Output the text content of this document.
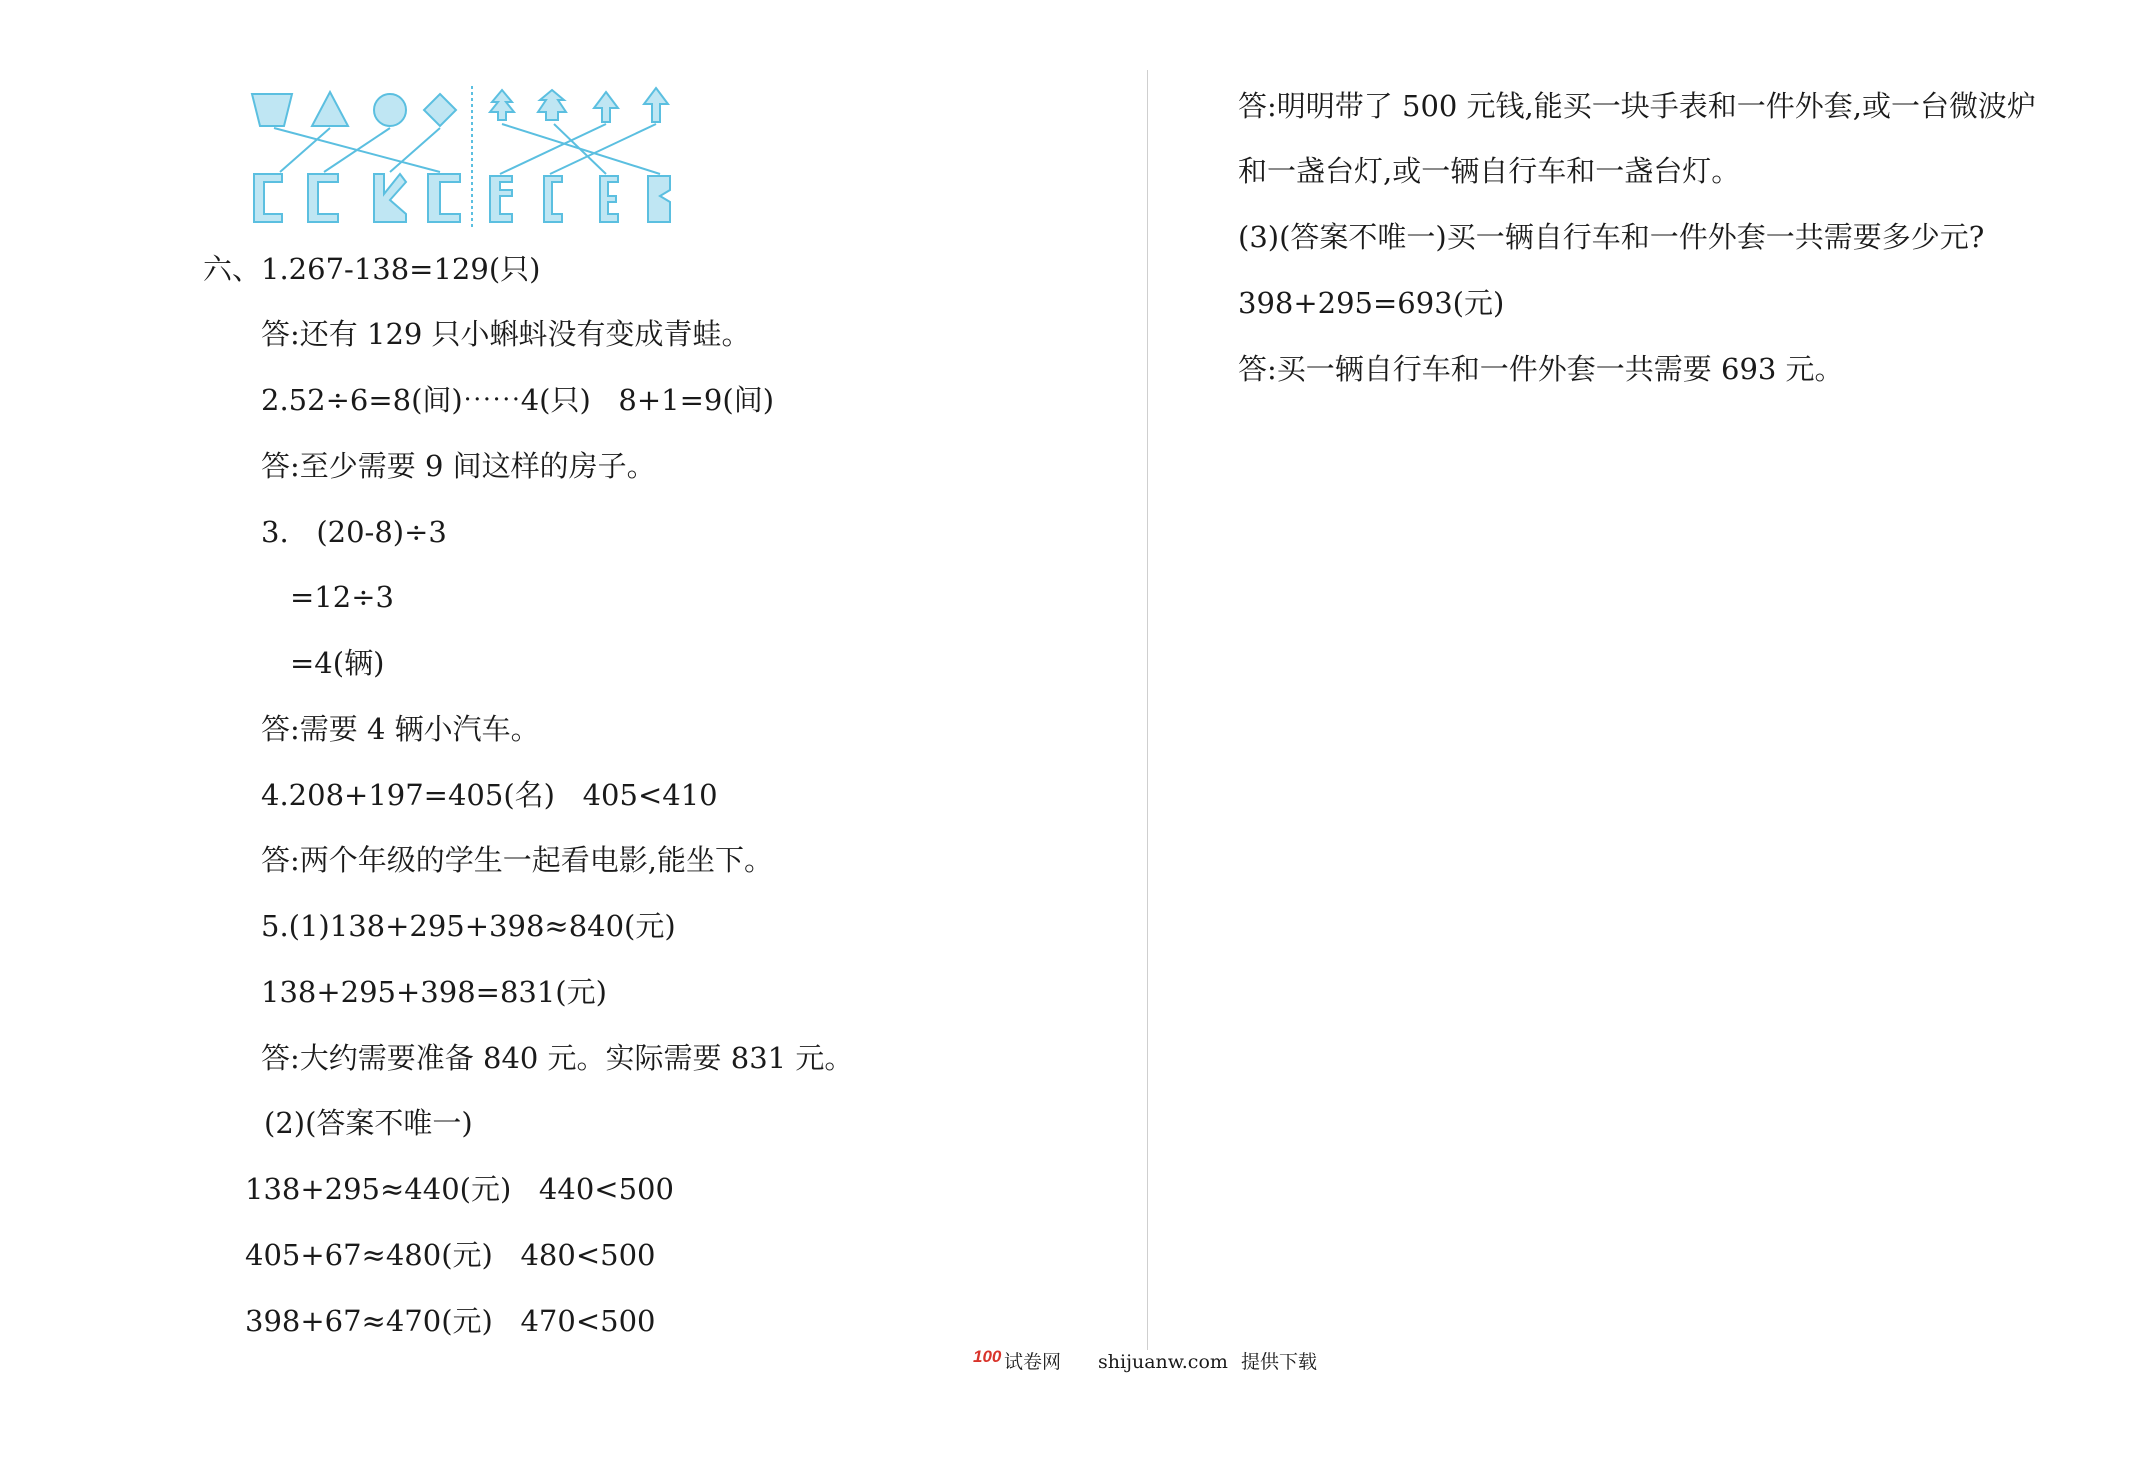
六、1.267-138=129(只)
答:还有 129 只小蝌蚪没有变成青蛙。
2.52÷6=8(间)⋯⋯4(只)   8+1=9(间)
答:至少需要 9 间这样的房子。
3.   (20-8)÷3
=12÷3
=4(辆)
答:需要 4 辆小汽车。
4.208+197=405(名)   405<410
答:两个年级的学生一起看电影,能坐下。
5.(1)138+295+398≈840(元)
138+295+398=831(元)
答:大约需要准备 840 元。实际需要 831 元。
(2)(答案不唯一)
138+295≈440(元)   440<500
405+67≈480(元)   480<500
398+67≈470(元)   470<500
答:明明带了 500 元钱,能买一块手表和一件外套,或一台微波炉
和一盏台灯,或一辆自行车和一盏台灯。
(3)(答案不唯一)买一辆自行车和一件外套一共需要多少元?
398+295=693(元)
答:买一辆自行车和一件外套一共需要 693 元。
100 试卷网 shijuanw.com 提供下载
